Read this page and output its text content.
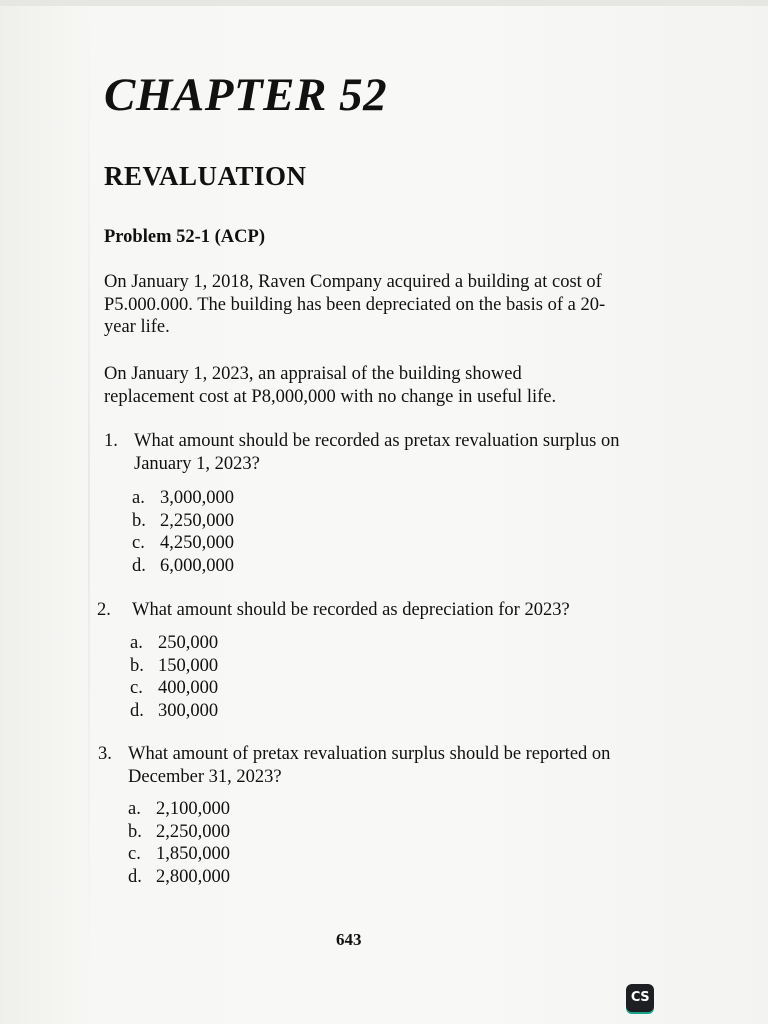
CHAPTER 52
REVALUATION

Problem 52-1 (ACP)

On January 1, 2018, Raven Company acquired a building at cost of P5.000.000. The building has been depreciated on the basis of a 20-year life.

On January 1, 2023, an appraisal of the building showed replacement cost at P8,000,000 with no change in useful life.

1. What amount should be recorded as pretax revaluation surplus on January 1, 2023?
a. 3,000,000
b. 2,250,000
c. 4,250,000
d. 6,000,000
2. What amount should be recorded as depreciation for 2023?
a. 250,000
b. 150,000
c. 400,000
d. 300,000
3. What amount of pretax revaluation surplus should be reported on December 31, 2023?
a. 2,100,000
b. 2,250,000
c. 1,850,000
d. 2,800,000

643

CS
